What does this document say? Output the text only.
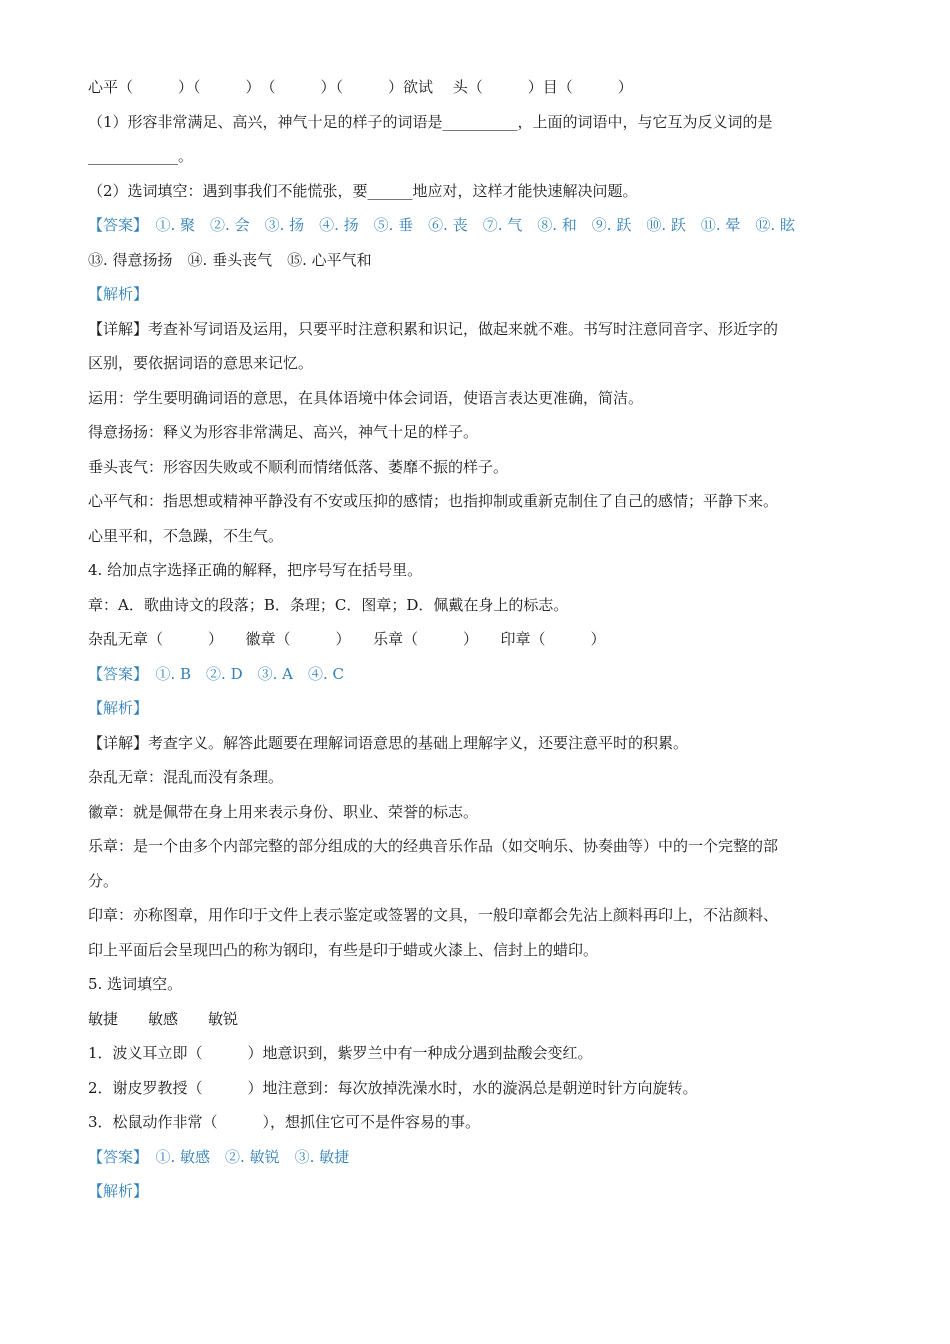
心平（　　　）（　　　）　（　　　）（　　　）欲试　 头（　　　）目（　　　）
（1）形容非常满足、高兴，神气十足的样子的词语是__________，上面的词语中，与它互为反义词的是
____________。
（2）选词填空：遇到事我们不能慌张，要______地应对，这样才能快速解决问题。
【答案】　①. 聚　②. 会　③. 扬　④. 扬　⑤. 垂　⑥. 丧　⑦. 气　⑧. 和　⑨. 跃　⑩. 跃　⑪. 晕　⑫. 眩
⑬. 得意扬扬　⑭. 垂头丧气　⑮. 心平气和
【解析】
【详解】考查补写词语及运用，只要平时注意积累和识记，做起来就不难。书写时注意同音字、形近字的
区别，要依据词语的意思来记忆。
运用：学生要明确词语的意思，在具体语境中体会词语，使语言表达更准确，简洁。
得意扬扬：释义为形容非常满足、高兴，神气十足的样子。
垂头丧气：形容因失败或不顺利而情绪低落、萎靡不振的样子。
心平气和：指思想或精神平静没有不安或压抑的感情；也指抑制或重新克制住了自己的感情；平静下来。
心里平和，不急躁，不生气。
4. 给加点字选择正确的解释，把序号写在括号里。
章：A．歌曲诗文的段落；B．条理；C．图章；D．佩戴在身上的标志。
杂乱无章（　　　）　　徽章（　　　）　　乐章（　　　）　　印章（　　　）
【答案】　①. B　②. D　③. A　④. C
【解析】
【详解】考查字义。解答此题要在理解词语意思的基础上理解字义，还要注意平时的积累。
杂乱无章：混乱而没有条理。
徽章：就是佩带在身上用来表示身份、职业、荣誉的标志。
乐章：是一个由多个内部完整的部分组成的大的经典音乐作品（如交响乐、协奏曲等）中的一个完整的部
分。
印章：亦称图章，用作印于文件上表示鉴定或签署的文具，一般印章都会先沾上颜料再印上，不沾颜料、
印上平面后会呈现凹凸的称为钢印，有些是印于蜡或火漆上、信封上的蜡印。
5. 选词填空。
敏捷　　敏感　　敏锐
1．波义耳立即（　　　）地意识到，紫罗兰中有一种成分遇到盐酸会变红。
2．谢皮罗教授（　　　）地注意到：每次放掉洗澡水时，水的漩涡总是朝逆时针方向旋转。
3．松鼠动作非常（　　　），想抓住它可不是件容易的事。
【答案】　①. 敏感　②. 敏锐　③. 敏捷
【解析】
